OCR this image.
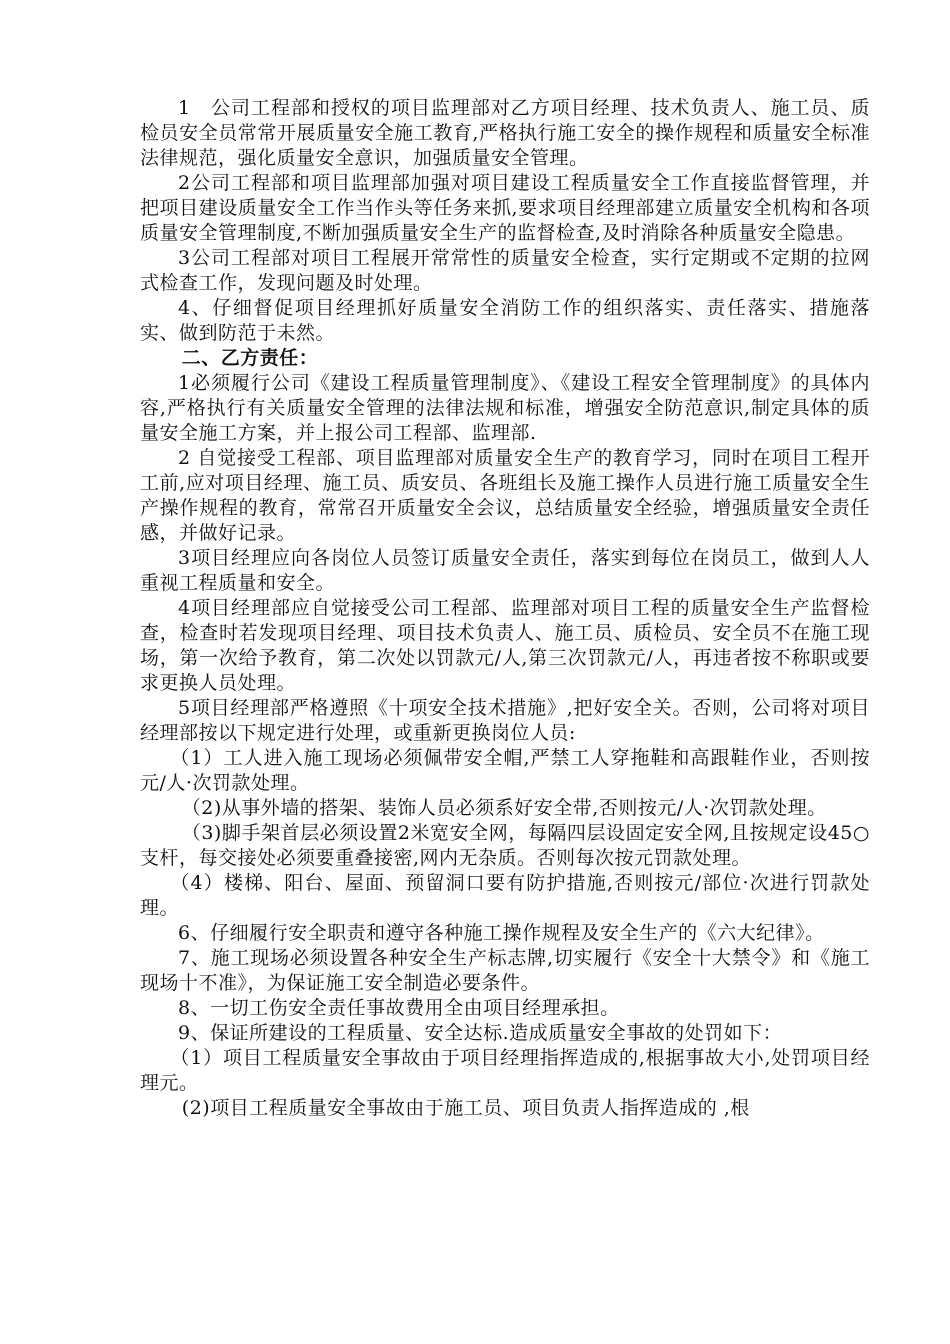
1　公司工程部和授权的项目监理部对乙方项目经理、技术负责人、施工员、质检员安全员常常开展质量安全施工教育,严格执行施工安全的操作规程和质量安全标准法律规范，强化质量安全意识，加强质量安全管理。

2公司工程部和项目监理部加强对项目建设工程质量安全工作直接监督管理，并把项目建设质量安全工作当作头等任务来抓,要求项目经理部建立质量安全机构和各项质量安全管理制度,不断加强质量安全生产的监督检查,及时消除各种质量安全隐患。

3公司工程部对项目工程展开常常性的质量安全检查，实行定期或不定期的拉网式检查工作，发现问题及时处理。

4、仔细督促项目经理抓好质量安全消防工作的组织落实、责任落实、措施落实、做到防范于未然。

二、乙方责任：

1必须履行公司《建设工程质量管理制度》、《建设工程安全管理制度》的具体内容,严格执行有关质量安全管理的法律法规和标准，增强安全防范意识,制定具体的质量安全施工方案，并上报公司工程部、监理部.

2 自觉接受工程部、项目监理部对质量安全生产的教育学习，同时在项目工程开工前,应对项目经理、施工员、质安员、各班组长及施工操作人员进行施工质量安全生产操作规程的教育，常常召开质量安全会议，总结质量安全经验，增强质量安全责任感，并做好记录。

3项目经理应向各岗位人员签订质量安全责任，落实到每位在岗员工，做到人人重视工程质量和安全。

4项目经理部应自觉接受公司工程部、监理部对项目工程的质量安全生产监督检查，检查时若发现项目经理、项目技术负责人、施工员、质检员、安全员不在施工现场，第一次给予教育，第二次处以罚款元/人,第三次罚款元/人，再违者按不称职或要求更换人员处理。

5项目经理部严格遵照《十项安全技术措施》,把好安全关。否则，公司将对项目经理部按以下规定进行处理，或重新更换岗位人员:

（1）工人进入施工现场必须佩带安全帽,严禁工人穿拖鞋和高跟鞋作业，否则按元/人·次罚款处理。

（2)从事外墙的搭架、装饰人员必须系好安全带,否则按元/人·次罚款处理。

（3)脚手架首层必须设置2米宽安全网，每隔四层设固定安全网,且按规定设45○支杆，每交接处必须要重叠接密,网内无杂质。否则每次按元罚款处理。

（4）楼梯、阳台、屋面、预留洞口要有防护措施,否则按元/部位·次进行罚款处理。

6、仔细履行安全职责和遵守各种施工操作规程及安全生产的《六大纪律》。

7、施工现场必须设置各种安全生产标志牌,切实履行《安全十大禁令》和《施工现场十不准》，为保证施工安全制造必要条件。

8、一切工伤安全责任事故费用全由项目经理承担。

9、保证所建设的工程质量、安全达标.造成质量安全事故的处罚如下：

（1）项目工程质量安全事故由于项目经理指挥造成的,根据事故大小,处罚项目经理元。

(2)项目工程质量安全事故由于施工员、项目负责人指挥造成的 ,根
